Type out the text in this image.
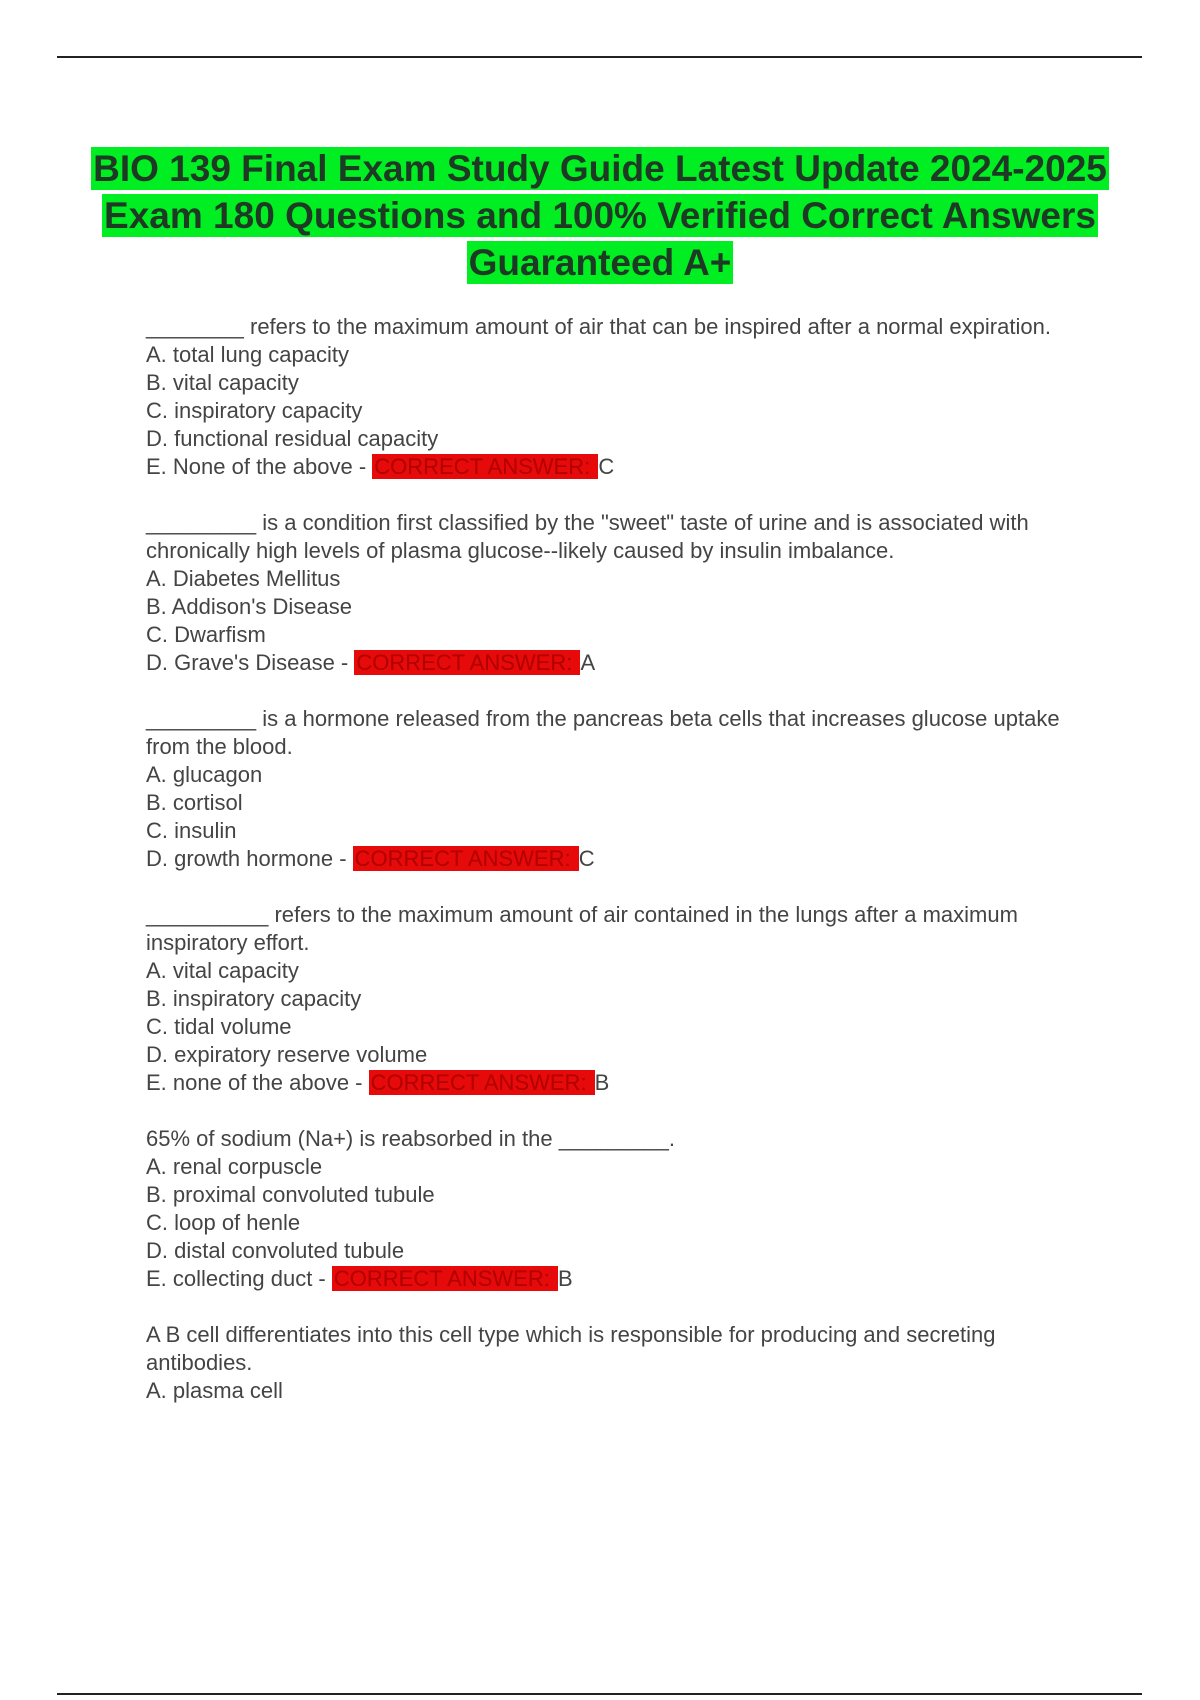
BIO 139 Final Exam Study Guide Latest Update 2024-2025 Exam 180 Questions and 100% Verified Correct Answers Guaranteed A+

________ refers to the maximum amount of air that can be inspired after a normal expiration.

A. total lung capacity

B. vital capacity

C. inspiratory capacity

D. functional residual capacity

E. None of the above - CORRECT ANSWER: C

_________ is a condition first classified by the "sweet" taste of urine and is associated with chronically high levels of plasma glucose--likely caused by insulin imbalance.

A. Diabetes Mellitus

B. Addison's Disease

C. Dwarfism

D. Grave's Disease - CORRECT ANSWER: A

_________ is a hormone released from the pancreas beta cells that increases glucose uptake from the blood.

A. glucagon

B. cortisol

C. insulin

D. growth hormone - CORRECT ANSWER: C

__________ refers to the maximum amount of air contained in the lungs after a maximum inspiratory effort.

A. vital capacity

B. inspiratory capacity

C. tidal volume

D. expiratory reserve volume

E. none of the above - CORRECT ANSWER: B

65% of sodium (Na+) is reabsorbed in the _________.

A. renal corpuscle

B. proximal convoluted tubule

C. loop of henle

D. distal convoluted tubule

E. collecting duct - CORRECT ANSWER: B

A B cell differentiates into this cell type which is responsible for producing and secreting antibodies.

A. plasma cell
